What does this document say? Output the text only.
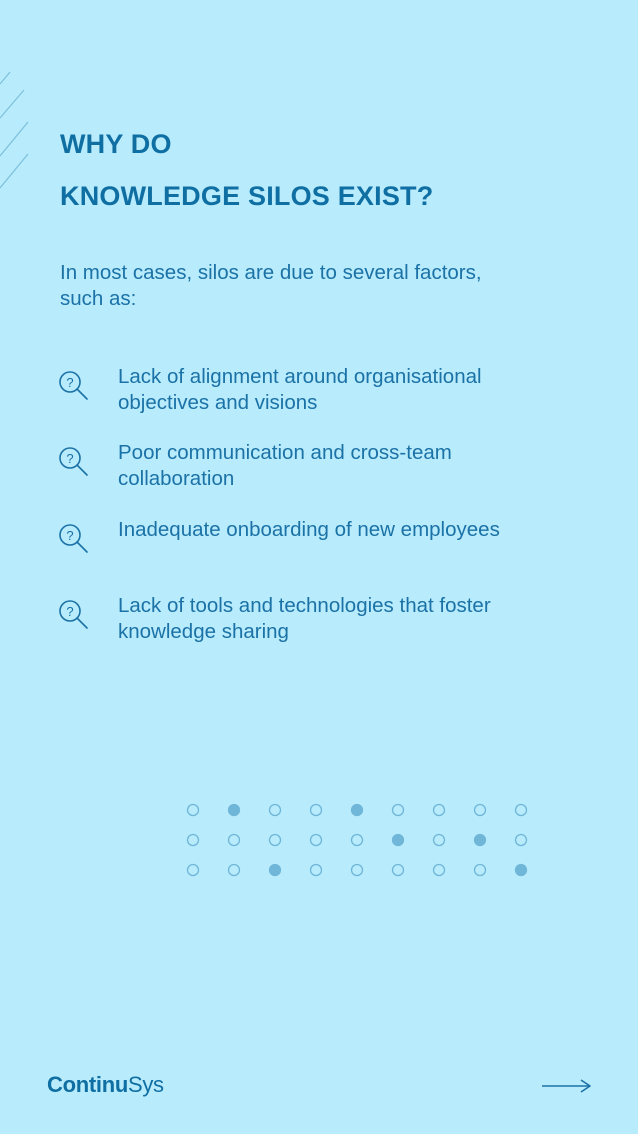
WHY DO
KNOWLEDGE SILOS EXIST?
In most cases, silos are due to several factors, such as:
? Lack of alignment around organisational objectives and visions
? Poor communication and cross-team collaboration
? Inadequate onboarding of new employees
? Lack of tools and technologies that foster knowledge sharing
ContinuSys
